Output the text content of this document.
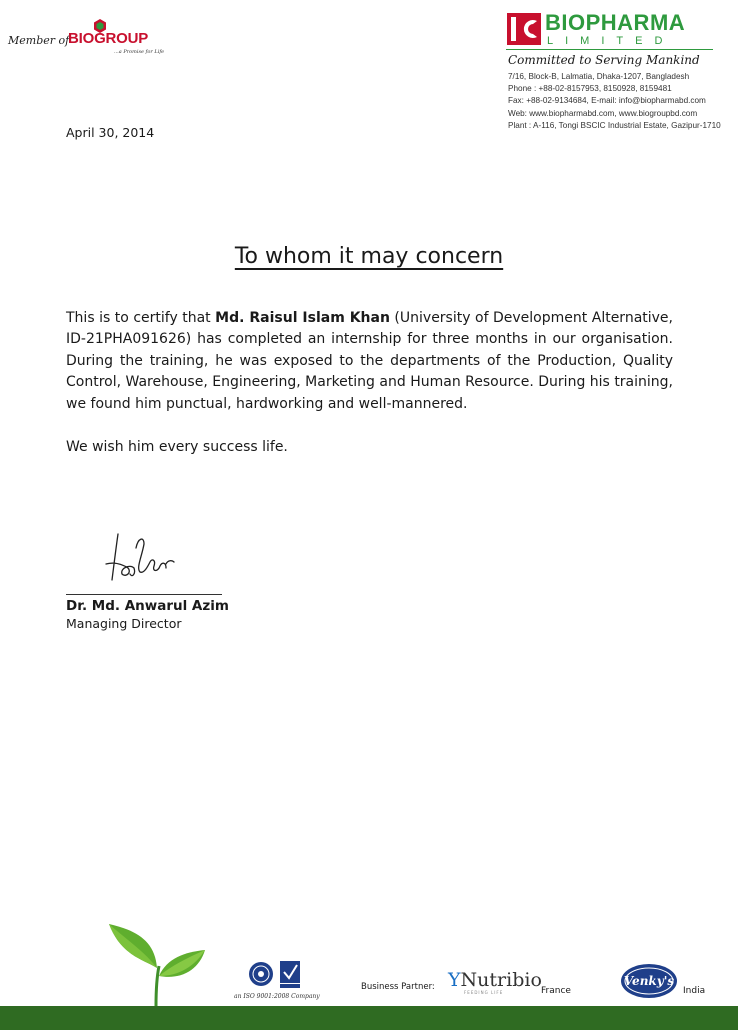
Member of
BIOGROUP
...a Promise for Life
BIOPHARMA
LIMITED
Committed to Serving Mankind
7/16, Block-B, Lalmatia, Dhaka-1207, Bangladesh
Phone : +88-02-8157953, 8150928, 8159481
Fax: +88-02-9134684, E-mail: info@biopharmabd.com
Web: www.biopharmabd.com, www.biogroupbd.com
Plant : A-116, Tongi BSCIC Industrial Estate, Gazipur-1710
April 30, 2014
To whom it may concern

This is to certify that Md. Raisul Islam Khan (University of Development Alternative, ID-21PHA091626) has completed an internship for three months in our organisation. During the training, he was exposed to the departments of the Production, Quality Control, Warehouse, Engineering, Marketing and Human Resource. During his training, we found him punctual, hardworking and well-mannered.

We wish him every success life.

Dr. Md. Anwarul Azim
Managing Director
an ISO 9001:2008 Company
Business Partner: YNutribio
FEEDING LIFE	France
Venky's
India
